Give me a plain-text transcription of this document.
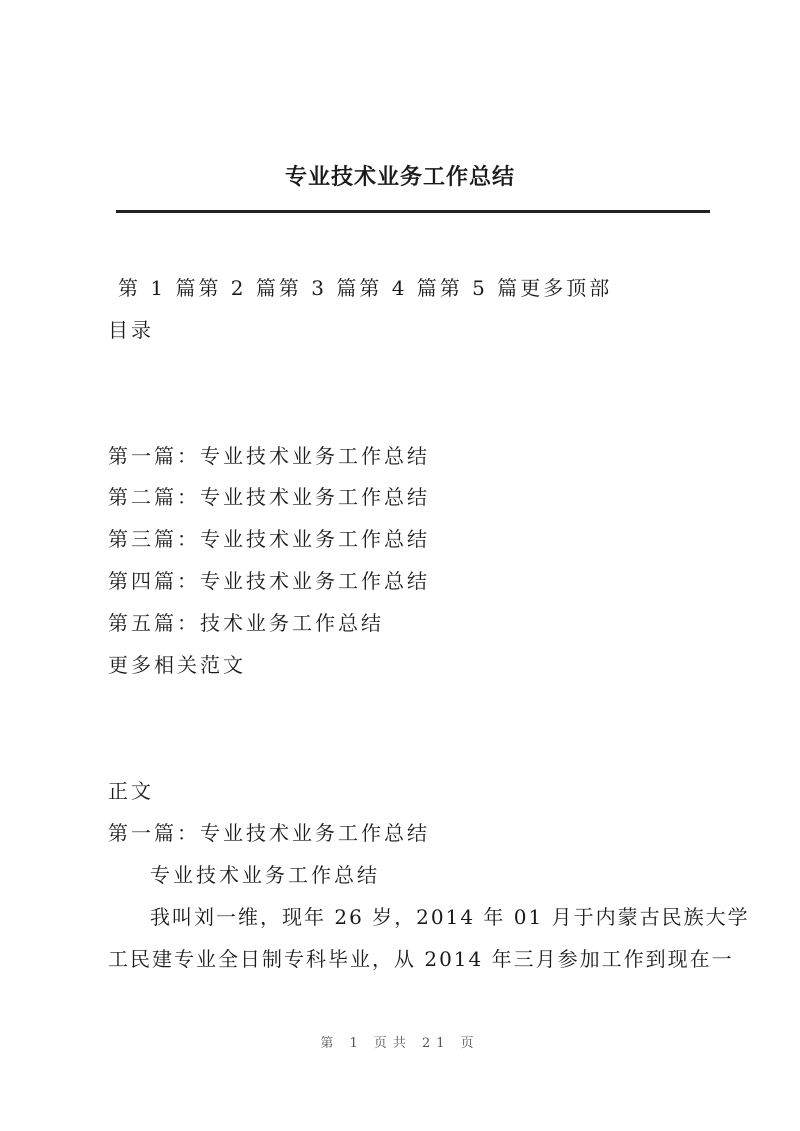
专业技术业务工作总结
第 1 篇第 2 篇第 3 篇第 4 篇第 5 篇更多顶部
目录
第一篇：专业技术业务工作总结
第二篇：专业技术业务工作总结
第三篇：专业技术业务工作总结
第四篇：专业技术业务工作总结
第五篇：技术业务工作总结
更多相关范文
正文
第一篇：专业技术业务工作总结
专业技术业务工作总结
我叫刘一维，现年 26 岁，2014 年 01 月于内蒙古民族大学
工民建专业全日制专科毕业，从 2014 年三月参加工作到现在一
第 1 页共 21 页
